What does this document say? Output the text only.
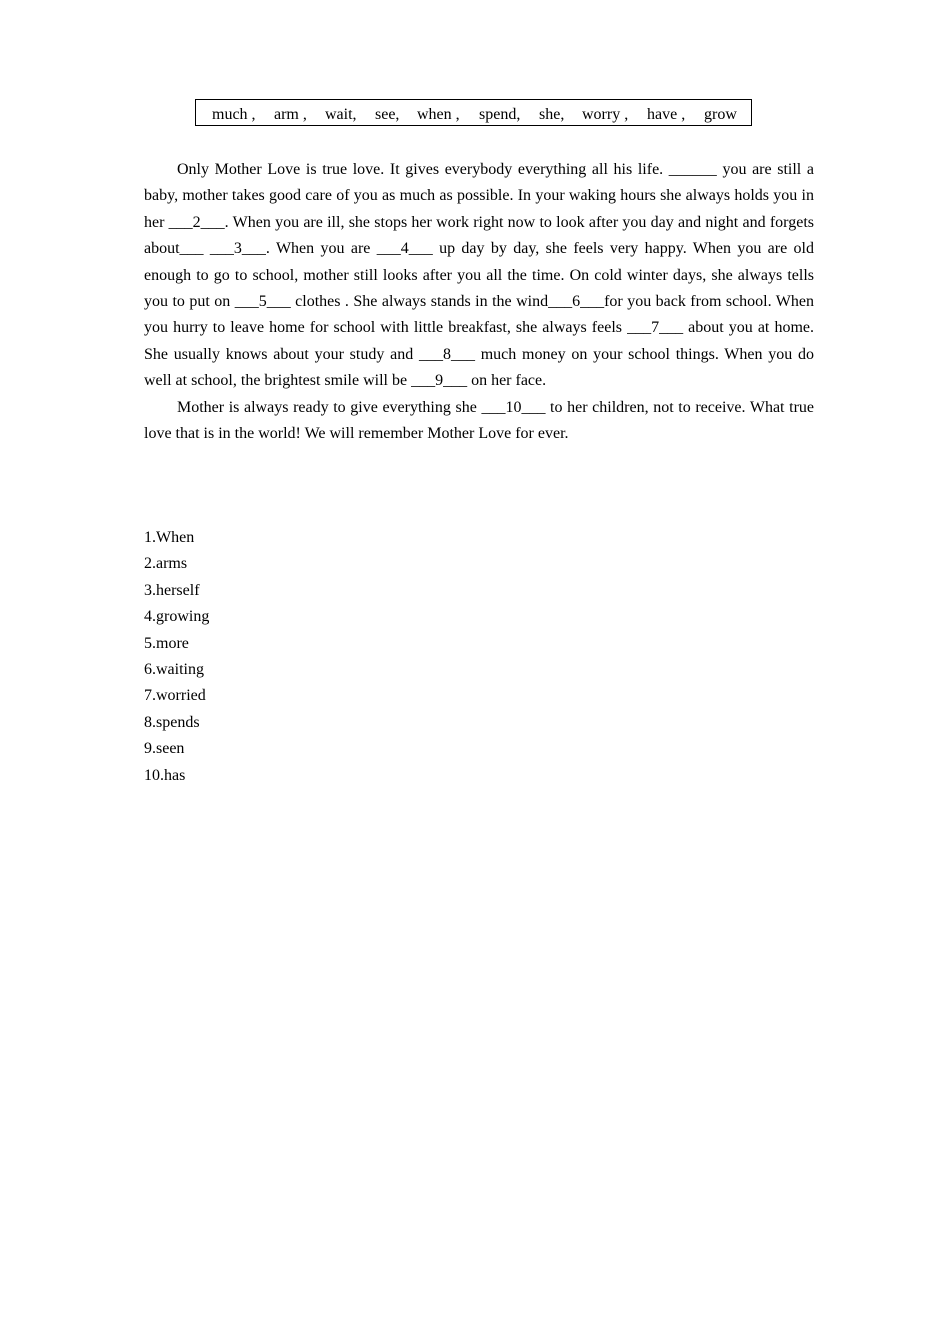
much , arm , wait, see, when , spend, she, worry , have , grow

Only Mother Love is true love. It gives everybody everything all his life. ______ you are still a baby, mother takes good care of you as much as possible. In your waking hours she always holds you in her ___2___. When you are ill, she stops her work right now to look after you day and night and forgets about___ ___3___. When you are ___4___ up day by day, she feels very happy. When you are old enough to go to school, mother still looks after you all the time. On cold winter days, she always tells you to put on ___5___ clothes . She always stands in the wind___6___for you back from school. When you hurry to leave home for school with little breakfast, she always feels ___7___ about you at home. She usually knows about your study and ___8___ much money on your school things. When you do well at school, the brightest smile will be ___9___ on her face.

Mother is always ready to give everything she ___10___ to her children, not to receive. What true love that is in the world! We will remember Mother Love for ever.

1.When
2.arms
3.herself
4.growing
5.more
6.waiting
7.worried
8.spends
9.seen
10.has
